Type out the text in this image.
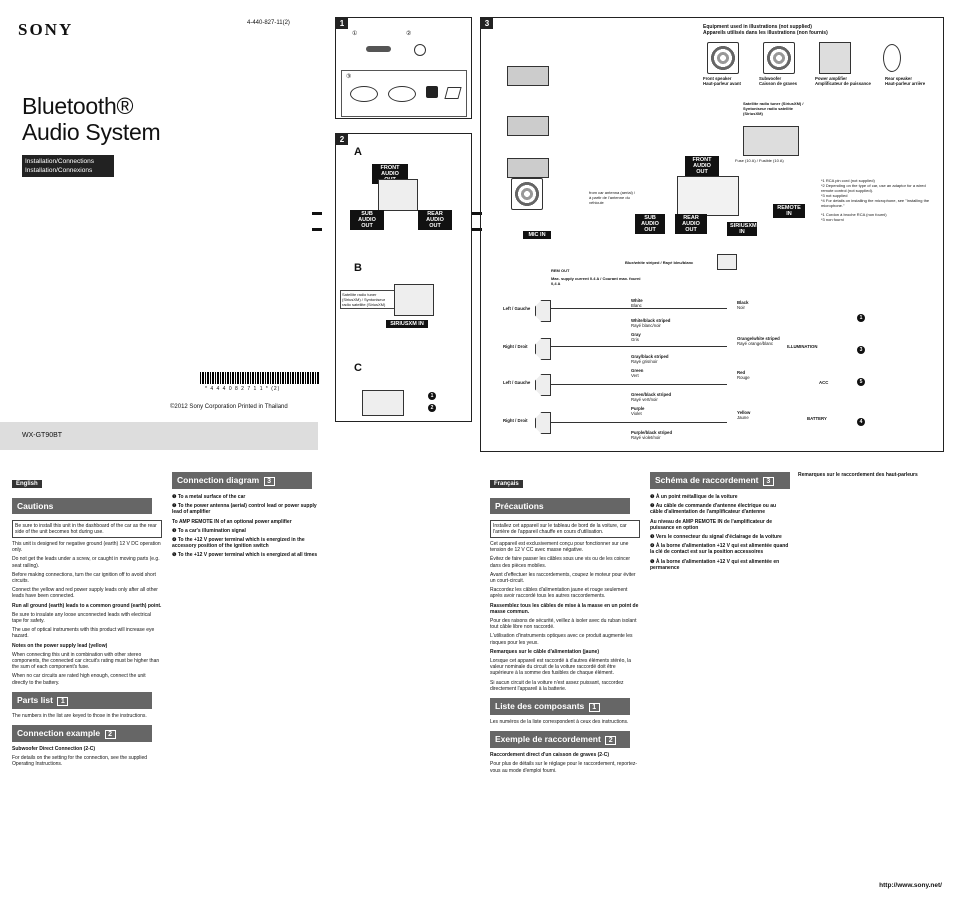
SONY	4-440-827-11(2)
Bluetooth®
Audio System
Installation/Connections
Installation/Connexions
* 4 4 4 0 8 2 7 1 1 * (2)
©2012 Sony Corporation Printed in Thailand
WX-GT90BT
1
①	②
③
2
A
FRONT AUDIO
SUB AUDIO OUT
REAR AUDIO OUT
B
Satellite radio tuner (SiriusXM) / Syntoniseur radio satellite (SiriusXM)
SIRIUSXM IN
C
1
2
3	Equipment used in illustrations (not supplied)
Appareils utilisés dans les illustrations (non fournis)
Front speaker
Haut-parleur avant
Subwoofer
Caisson de graves
Power amplifier
Amplificateur de puissance
Rear speaker
Haut-parleur arrière
Satellite radio tuner (SiriusXM) / Syntoniseur radio satellite (SiriusXM)
FRONT AUDIO OUT
Fuse (10 A) / Fusible (10 A)
from car antenna (aerial) / à partir de l'antenne du véhicule
REMOTE IN
SUB AUDIO OUT
REAR AUDIO OUT
SIRIUSXM IN
MIC IN
REM OUT
Max. supply current 0.4 A / Courant max. fourni 0,4 A
Blue/white striped / Rayé bleu/blanc
Left / Gauche
Right / Droit
Left / Gauche
Right / Droit
White
Blanc
White/black striped
Rayé blanc/noir
Gray
Gris
Gray/black striped
Rayé gris/noir
Green
Vert
Green/black striped
Rayé vert/noir
Purple
Violet
Purple/black striped
Rayé violet/noir
Black
Noir
1
Orange/white striped
Rayé orange/blanc
ILLUMINATION
3
Red
Rouge
ACC	5
Yellow
Jaune	BATTERY
4
*1 RCA pin cord (not supplied)
*2 Depending on the type of car, use an adaptor for a wired remote control (not supplied).
*3 not supplied
*4 For details on installing the microphone, see "Installing the microphone."
*1 Cordon à broche RCA (non fourni)
*3 non fourni
English
Cautions
Be sure to install this unit in the dashboard of the car as the rear side of the unit becomes hot during use.

This unit is designed for negative ground (earth) 12 V DC operation only.

Do not get the leads under a screw, or caught in moving parts (e.g. seat railing).

Before making connections, turn the car ignition off to avoid short circuits.

Connect the yellow and red power supply leads only after all other leads have been connected.

Run all ground (earth) leads to a common ground (earth) point.

Be sure to insulate any loose unconnected leads with electrical tape for safety.

The use of optical instruments with this product will increase eye hazard.

Notes on the power supply lead (yellow)

When connecting this unit in combination with other stereo components, the connected car circuit's rating must be higher than the sum of each component's fuse.

When no car circuits are rated high enough, connect the unit directly to the battery.

Parts list 1

The numbers in the list are keyed to those in the instructions.

Connection example 2

Subwoofer Direct Connection (2-C)

For details on the setting for the connection, see the supplied Operating Instructions.

Connection diagram 3

❶ To a metal surface of the car

❷ To the power antenna (aerial) control lead or power supply lead of amplifier

To AMP REMOTE IN of an optional power amplifier

❸ To a car's illumination signal

❹ To the +12 V power terminal which is energized in the accessory position of the ignition switch

❺ To the +12 V power terminal which is energized at all times

Français
Précautions
Installez cet appareil sur le tableau de bord de la voiture, car l'arrière de l'appareil chauffe en cours d'utilisation.

Cet appareil est exclusivement conçu pour fonctionner sur une tension de 12 V CC avec masse négative.

Évitez de faire passer les câbles sous une vis ou de les coincer dans des pièces mobiles.

Avant d'effectuer les raccordements, coupez le moteur pour éviter un court-circuit.

Raccordez les câbles d'alimentation jaune et rouge seulement après avoir raccordé tous les autres raccordements.

Rassemblez tous les câbles de mise à la masse en un point de masse commun.

Pour des raisons de sécurité, veillez à isoler avec du ruban isolant tout câble libre non raccordé.

L'utilisation d'instruments optiques avec ce produit augmente les risques pour les yeux.

Remarques sur le câble d'alimentation (jaune)

Lorsque cet appareil est raccordé à d'autres éléments stéréo, la valeur nominale du circuit de la voiture raccordé doit être supérieure à la somme des fusibles de chaque élément.

Si aucun circuit de la voiture n'est assez puissant, raccordez directement l'appareil à la batterie.

Liste des composants 1

Les numéros de la liste correspondent à ceux des instructions.

Exemple de raccordement 2

Raccordement direct d'un caisson de graves (2-C)

Pour plus de détails sur le réglage pour le raccordement, reportez-vous au mode d'emploi fourni.

Schéma de raccordement 3

❶ À un point métallique de la voiture

❷ Au câble de commande d'antenne électrique ou au câble d'alimentation de l'amplificateur d'antenne

Au niveau de AMP REMOTE IN de l'amplificateur de puissance en option

❸ Vers le connecteur du signal d'éclairage de la voiture

❹ À la borne d'alimentation +12 V qui est alimentée quand la clé de contact est sur la position accessoires

❺ À la borne d'alimentation +12 V qui est alimentée en permanence

Remarques sur le raccordement des haut-parleurs

http://www.sony.net/
